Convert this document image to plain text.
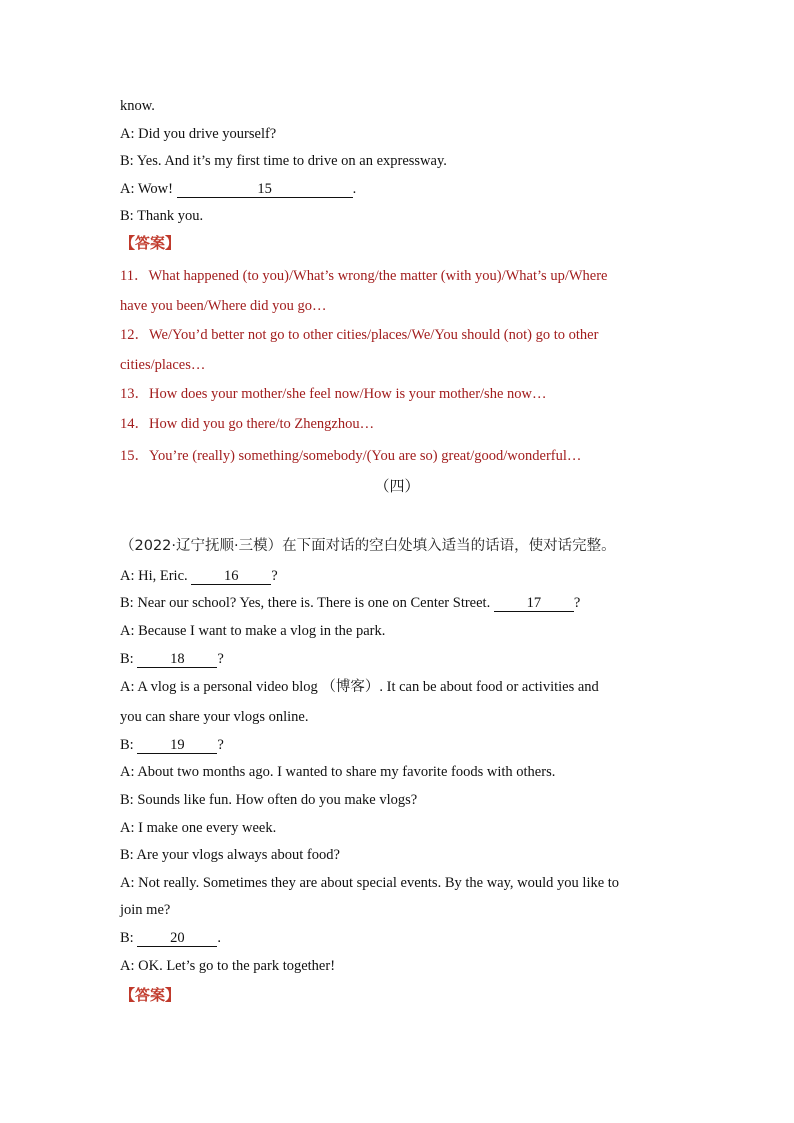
know.
A: Did you drive yourself?
B: Yes. And it’s my first time to drive on an expressway.
A: Wow!	15	.
B: Thank you.
【答案】
11．What happened (to you)/What’s wrong/the matter (with you)/What’s up/Where
have you been/Where did you go…
12．We/You’d better not go to other cities/places/We/You should (not) go to other
cities/places…
13．How does your mother/she feel now/How is your mother/she now…
14．How did you go there/to Zhengzhou…
15．You’re (really) something/somebody/(You are so) great/good/wonderful…
（四）
（2022·辽宁抚顺·三模）在下面对话的空白处填入适当的话语，使对话完整。
A: Hi, Eric. 16 ?
B: Near our school? Yes, there is. There is one on Center Street. 17 ?
A: Because I want to make a vlog in the park.
B: 18 ?
A: A vlog is a personal video blog （博客）. It can be about food or activities and
you can share your vlogs online.
B: 19 ?
A: About two months ago. I wanted to share my favorite foods with others.
B: Sounds like fun. How often do you make vlogs?
A: I make one every week.
B: Are your vlogs always about food?
A: Not really. Sometimes they are about special events. By the way, would you like to
join me?
B: 20 .
A: OK. Let’s go to the park together!
【答案】
